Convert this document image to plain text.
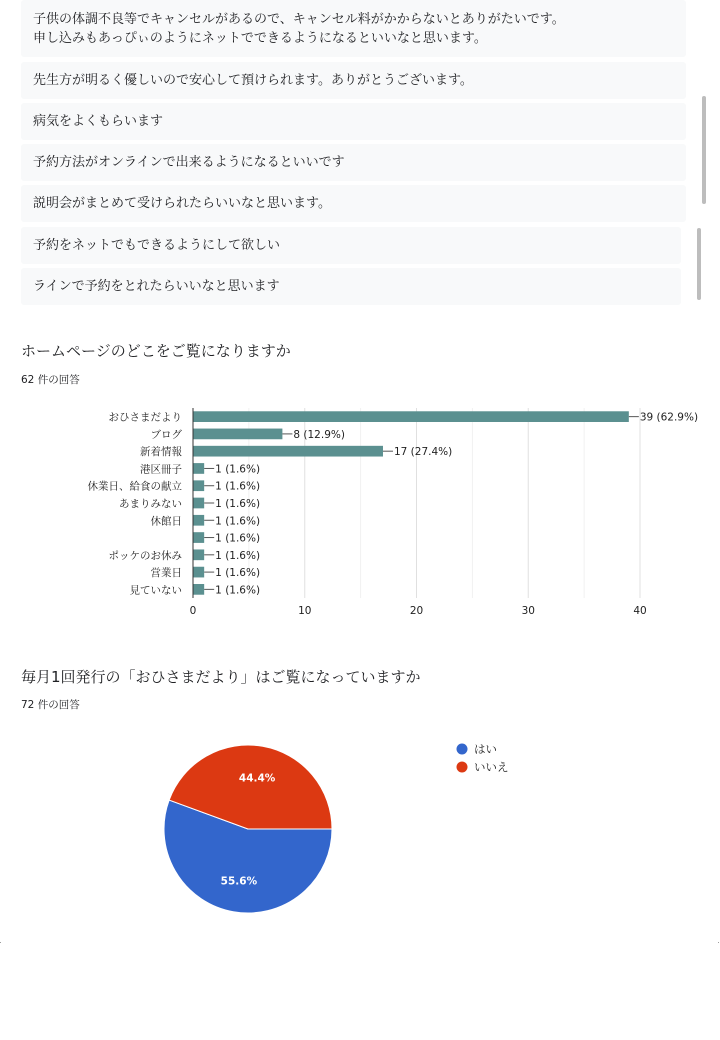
子供の体調不良等でキャンセルがあるので、キャンセル料がかからないとありがたいです。
申し込みもあっぴぃのようにネットでできるようになるといいなと思います。
先生方が明るく優しいので安心して預けられます。ありがとうございます。
病気をよくもらいます
予約方法がオンラインで出来るようになるといいです
説明会がまとめて受けられたらいいなと思います。
予約をネットでもできるようにして欲しい
ラインで予約をとれたらいいなと思います
ホームページのどこをご覧になりますか
62 件の回答
0	10	20	30	40
おひさまだより	39 (62.9%)
ブログ	8 (12.9%)
新着情報	17 (27.4%)
港区冊子	1 (1.6%)
休業日、給食の献立	1 (1.6%)
あまりみない	1 (1.6%)
休館日	1 (1.6%)
1 (1.6%)
ポッケのお休み	1 (1.6%)
営業日	1 (1.6%)
見ていない	1 (1.6%)
毎月1回発行の「おひさまだより」はご覧になっていますか
72 件の回答
55.6%
44.4%
はい
いいえ
